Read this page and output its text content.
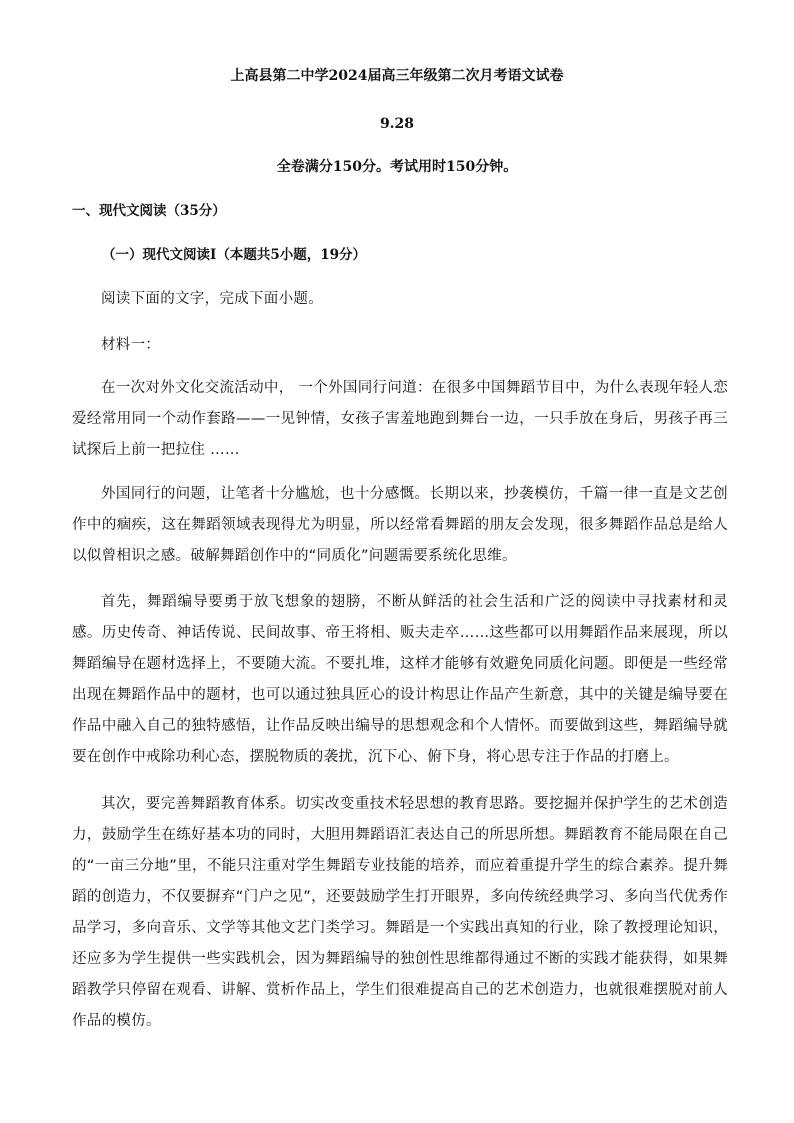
上高县第二中学2024届高三年级第二次月考语文试卷
9.28
全卷满分150分。考试用时150分钟。
一、现代文阅读（35分）
（一）现代文阅读Ⅰ（本题共5小题，19分）

阅读下面的文字，完成下面小题。

材料一：

在一次对外文化交流活动中， 一个外国同行问道：在很多中国舞蹈节目中，为什么表现年轻人恋爱经常用同一个动作套路——一见钟情，女孩子害羞地跑到舞台一边，一只手放在身后，男孩子再三试探后上前一把拉住 ……

外国同行的问题，让笔者十分尴尬，也十分感慨。长期以来，抄袭模仿，千篇一律一直是文艺创作中的痼疾，这在舞蹈领域表现得尤为明显，所以经常看舞蹈的朋友会发现，很多舞蹈作品总是给人以似曾相识之感。破解舞蹈创作中的“同质化”问题需要系统化思维。

首先，舞蹈编导要勇于放飞想象的翅膀，不断从鲜活的社会生活和广泛的阅读中寻找素材和灵感。历史传奇、神话传说、民间故事、帝王将相、贩夫走卒……这些都可以用舞蹈作品来展现，所以舞蹈编导在题材选择上，不要随大流。不要扎堆，这样才能够有效避免同质化问题。即便是一些经常出现在舞蹈作品中的题材，也可以通过独具匠心的设计构思让作品产生新意，其中的关键是编导要在作品中融入自己的独特感悟，让作品反映出编导的思想观念和个人情怀。而要做到这些，舞蹈编导就要在创作中戒除功利心态，摆脱物质的袭扰，沉下心、俯下身，将心思专注于作品的打磨上。

其次，要完善舞蹈教育体系。切实改变重技术轻思想的教育思路。要挖掘并保护学生的艺术创造力，鼓励学生在练好基本功的同时，大胆用舞蹈语汇表达自己的所思所想。舞蹈教育不能局限在自己的“一亩三分地”里，不能只注重对学生舞蹈专业技能的培养，而应着重提升学生的综合素养。提升舞蹈的创造力，不仅要摒弃“门户之见”，还要鼓励学生打开眼界，多向传统经典学习、多向当代优秀作品学习，多向音乐、文学等其他文艺门类学习。舞蹈是一个实践出真知的行业，除了教授理论知识，还应多为学生提供一些实践机会，因为舞蹈编导的独创性思维都得通过不断的实践才能获得，如果舞蹈教学只停留在观看、讲解、赏析作品上，学生们很难提高自己的艺术创造力，也就很难摆脱对前人作品的模仿。
